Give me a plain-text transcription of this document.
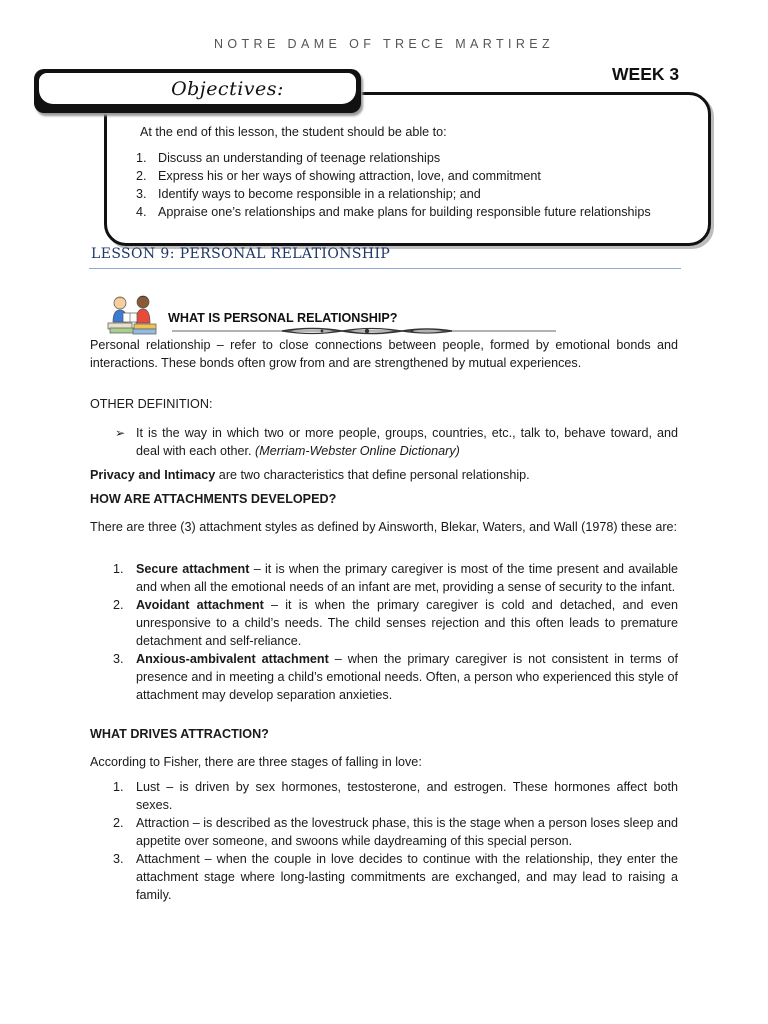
NOTRE DAME OF TRECE MARTIREZ
WEEK 3
Objectives:
At the end of this lesson, the student should be able to:
1. Discuss an understanding of teenage relationships
2. Express his or her ways of showing attraction, love, and commitment
3. Identify ways to become responsible in a relationship; and
4. Appraise one’s relationships and make plans for building responsible future relationships
LESSON 9: PERSONAL RELATIONSHIP
WHAT IS PERSONAL RELATIONSHIP?

Personal relationship – refer to close connections between people, formed by emotional bonds and interactions. These bonds often grow from and are strengthened by mutual experiences.

OTHER DEFINITION:
➢ It is the way in which two or more people, groups, countries, etc., talk to, behave toward, and deal with each other. (Merriam-Webster Online Dictionary)

Privacy and Intimacy are two characteristics that define personal relationship.

HOW ARE ATTACHMENTS DEVELOPED?

There are three (3) attachment styles as defined by Ainsworth, Blekar, Waters, and Wall (1978) these are:

1. Secure attachment – it is when the primary caregiver is most of the time present and available and when all the emotional needs of an infant are met, providing a sense of security to the infant.
2. Avoidant attachment – it is when the primary caregiver is cold and detached, and even unresponsive to a child’s needs. The child senses rejection and this often leads to premature detachment and self-reliance.
3. Anxious-ambivalent attachment – when the primary caregiver is not consistent in terms of presence and in meeting a child’s emotional needs. Often, a person who experienced this style of attachment may develop separation anxieties.
WHAT DRIVES ATTRACTION?

According to Fisher, there are three stages of falling in love:

1. Lust – is driven by sex hormones, testosterone, and estrogen. These hormones affect both sexes.
2. Attraction – is described as the lovestruck phase, this is the stage when a person loses sleep and appetite over someone, and swoons while daydreaming of this special person.
3. Attachment – when the couple in love decides to continue with the relationship, they enter the attachment stage where long-lasting commitments are exchanged, and may lead to raising a family.
